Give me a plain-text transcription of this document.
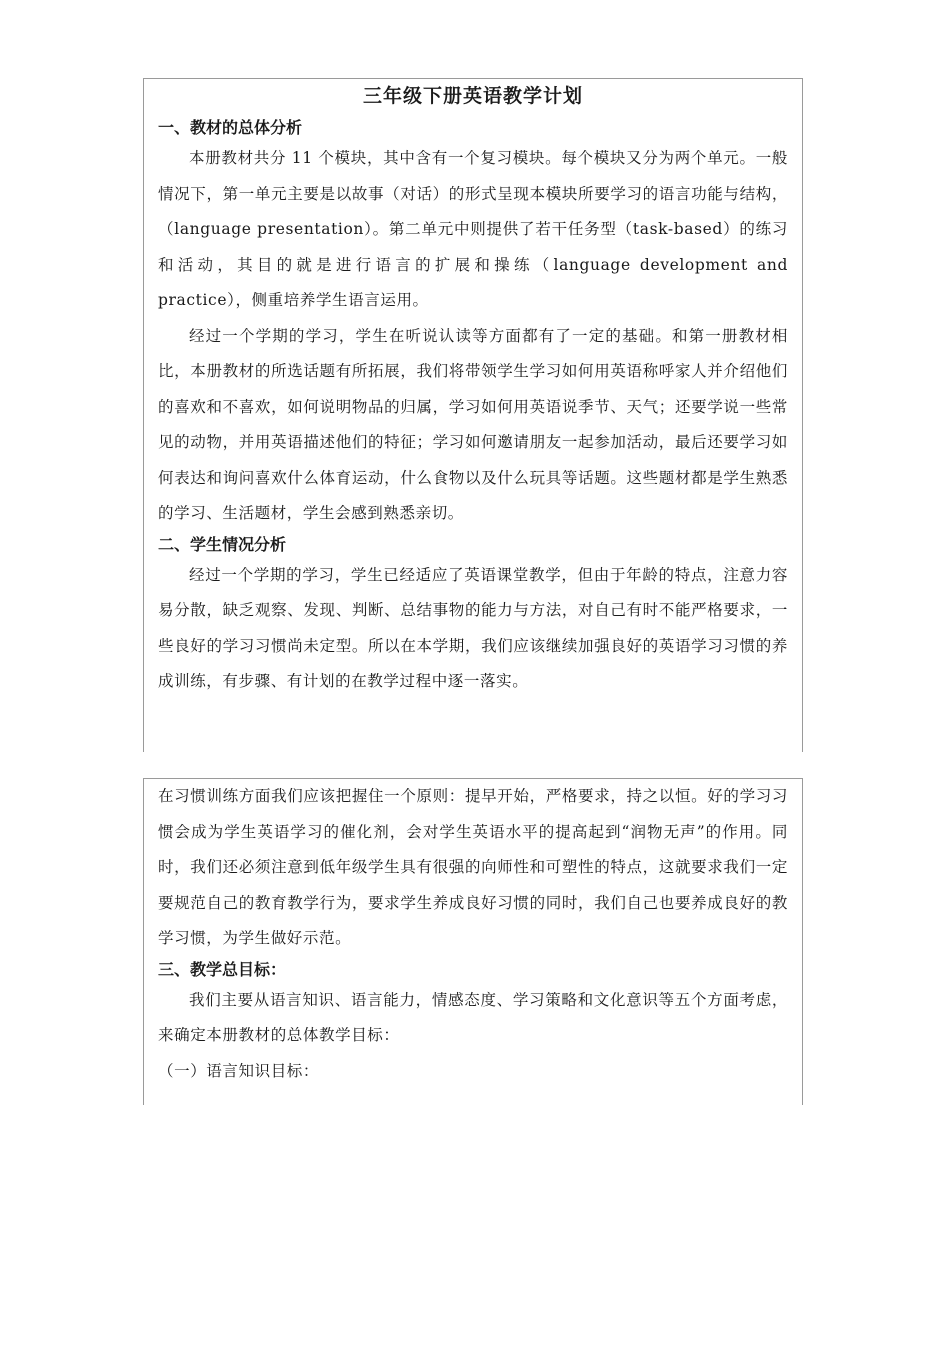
三年级下册英语教学计划
一、教材的总体分析

本册教材共分 11 个模块，其中含有一个复习模块。每个模块又分为两个单元。一般情况下，第一单元主要是以故事（对话）的形式呈现本模块所要学习的语言功能与结构，（language presentation）。第二单元中则提供了若干任务型（task-based）的练习和活动，其目的就是进行语言的扩展和操练（language development and practice），侧重培养学生语言运用。

经过一个学期的学习，学生在听说认读等方面都有了一定的基础。和第一册教材相比，本册教材的所选话题有所拓展，我们将带领学生学习如何用英语称呼家人并介绍他们的喜欢和不喜欢，如何说明物品的归属，学习如何用英语说季节、天气；还要学说一些常见的动物，并用英语描述他们的特征；学习如何邀请朋友一起参加活动，最后还要学习如何表达和询问喜欢什么体育运动，什么食物以及什么玩具等话题。这些题材都是学生熟悉的学习、生活题材，学生会感到熟悉亲切。

二、学生情况分析

经过一个学期的学习，学生已经适应了英语课堂教学，但由于年龄的特点，注意力容易分散，缺乏观察、发现、判断、总结事物的能力与方法，对自己有时不能严格要求，一些良好的学习习惯尚未定型。所以在本学期，我们应该继续加强良好的英语学习习惯的养成训练，有步骤、有计划的在教学过程中逐一落实。

在习惯训练方面我们应该把握住一个原则：提早开始，严格要求，持之以恒。好的学习习惯会成为学生英语学习的催化剂，会对学生英语水平的提高起到“润物无声”的作用。同时，我们还必须注意到低年级学生具有很强的向师性和可塑性的特点，这就要求我们一定要规范自己的教育教学行为，要求学生养成良好习惯的同时，我们自己也要养成良好的教学习惯，为学生做好示范。

三、教学总目标：

我们主要从语言知识、语言能力，情感态度、学习策略和文化意识等五个方面考虑，来确定本册教材的总体教学目标：

（一）语言知识目标：
